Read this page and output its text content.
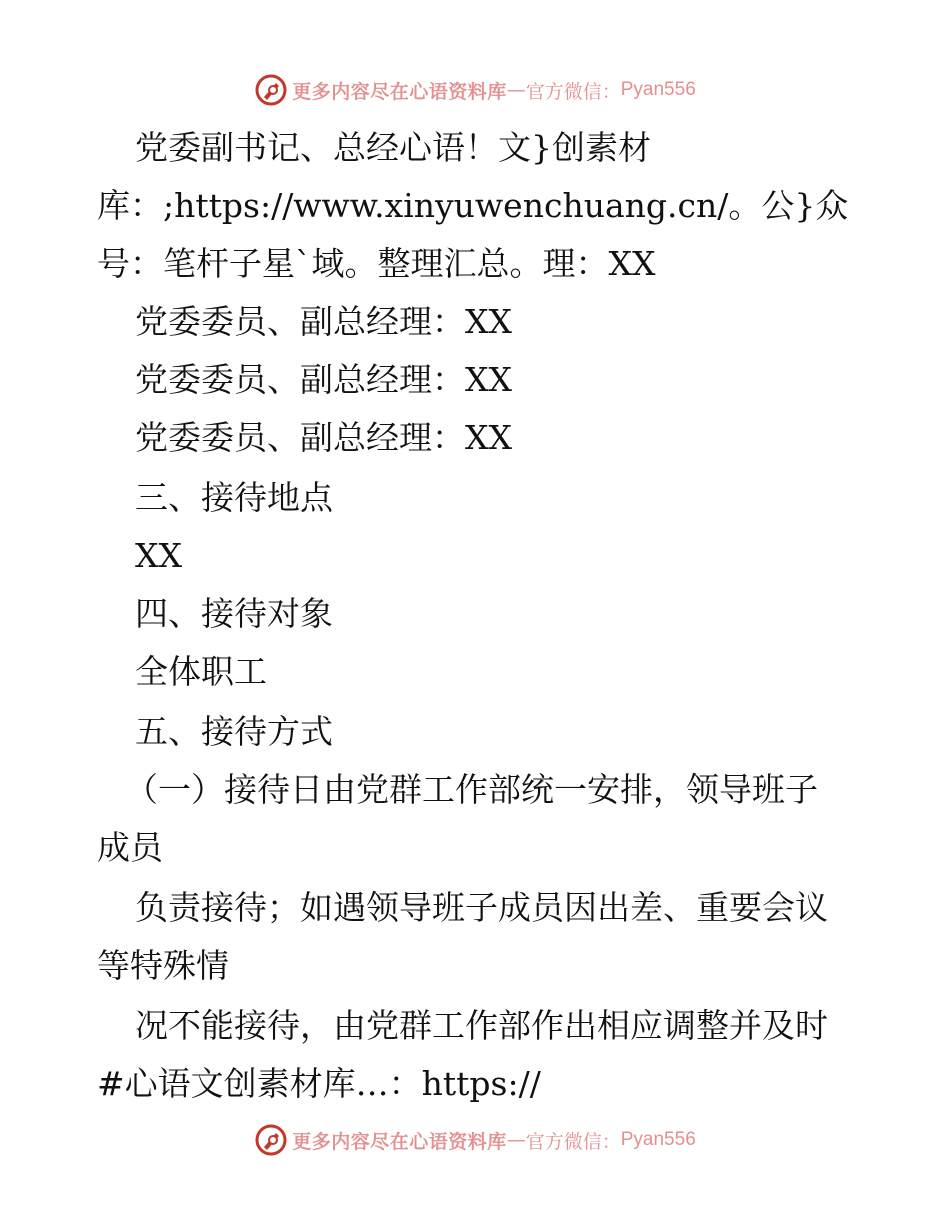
更多内容尽在心语资料库 — 官方微信： Pyan556
党委副书记、总经心语！文}创素材
库：;https://www.xinyuwenchuang.cn/。公}众
号：笔杆子星`域。整理汇总。理：XX
党委委员、副总经理：XX
党委委员、副总经理：XX
党委委员、副总经理：XX
三、接待地点
XX
四、接待对象
全体职工
五、接待方式
（一）接待日由党群工作部统一安排，领导班子
成员
负责接待；如遇领导班子成员因出差、重要会议
等特殊情
况不能接待，由党群工作部作出相应调整并及时
#心语文创素材库…：https://
更多内容尽在心语资料库 — 官方微信： Pyan556
